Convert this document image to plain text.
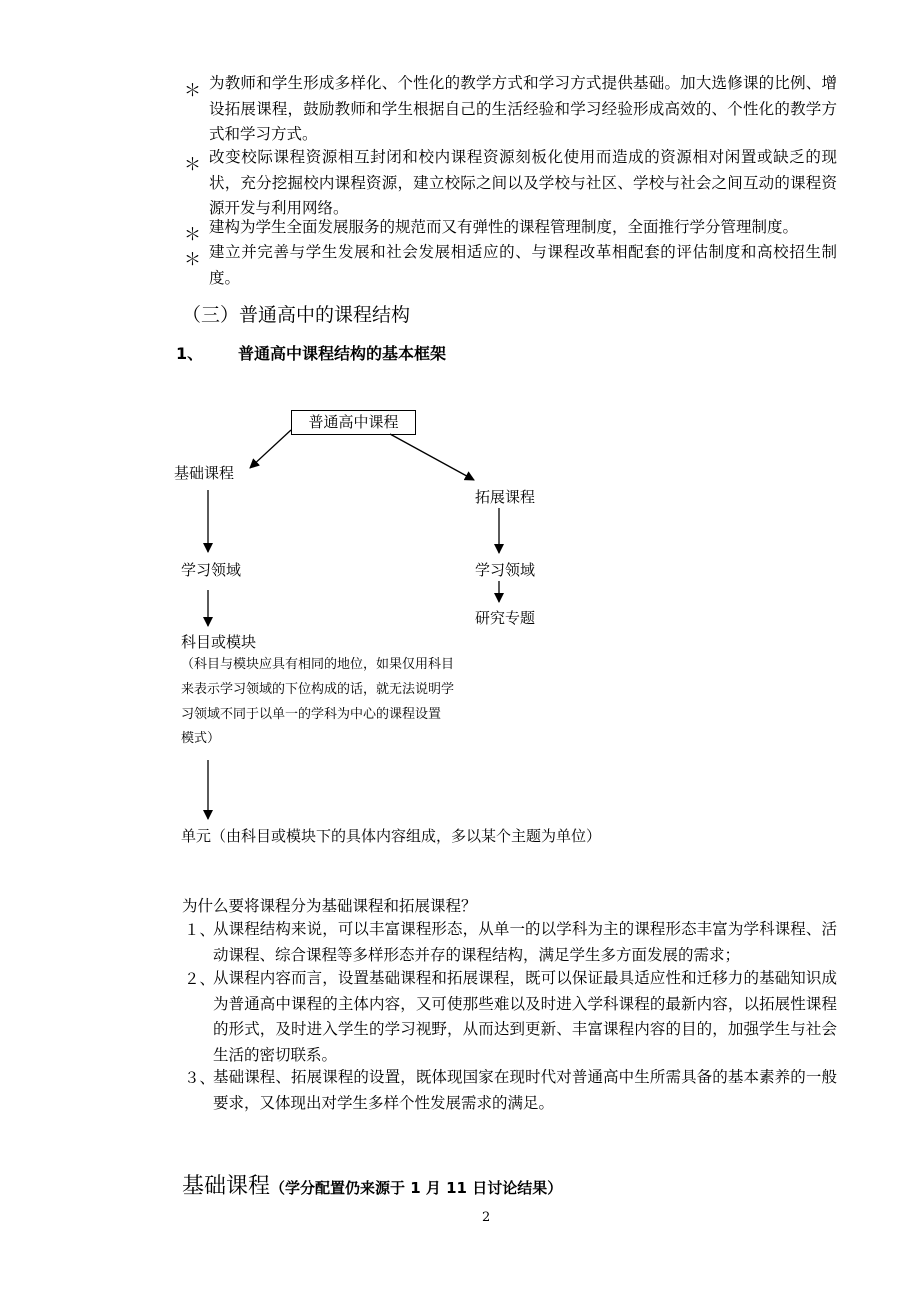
＊ 为教师和学生形成多样化、个性化的教学方式和学习方式提供基础。加大选修课的比例、增设拓展课程，鼓励教师和学生根据自己的生活经验和学习经验形成高效的、个性化的教学方式和学习方式。
＊ 改变校际课程资源相互封闭和校内课程资源刻板化使用而造成的资源相对闲置或缺乏的现状，充分挖掘校内课程资源，建立校际之间以及学校与社区、学校与社会之间互动的课程资源开发与利用网络。
＊ 建构为学生全面发展服务的规范而又有弹性的课程管理制度，全面推行学分管理制度。
＊ 建立并完善与学生发展和社会发展相适应的、与课程改革相配套的评估制度和高校招生制度。
（三）普通高中的课程结构
1、 普通高中课程结构的基本框架
普通高中课程
基础课程
学习领域
科目或模块
（科目与模块应具有相同的地位，如果仅用科目
来表示学习领域的下位构成的话，就无法说明学
习领域不同于以单一的学科为中心的课程设置
模式）
单元（由科目或模块下的具体内容组成，多以某个主题为单位）
拓展课程
学习领域
研究专题
为什么要将课程分为基础课程和拓展课程？
１、
从课程结构来说，可以丰富课程形态，从单一的以学科为主的课程形态丰富为学科课程、活动课程、综合课程等多样形态并存的课程结构，满足学生多方面发展的需求；
２、
从课程内容而言，设置基础课程和拓展课程，既可以保证最具适应性和迁移力的基础知识成为普通高中课程的主体内容，又可使那些难以及时进入学科课程的最新内容，以拓展性课程的形式，及时进入学生的学习视野，从而达到更新、丰富课程内容的目的，加强学生与社会生活的密切联系。
３、
基础课程、拓展课程的设置，既体现国家在现时代对普通高中生所需具备的基本素养的一般要求，又体现出对学生多样个性发展需求的满足。
基础课程（学分配置仍来源于 1 月 11 日讨论结果）
2
